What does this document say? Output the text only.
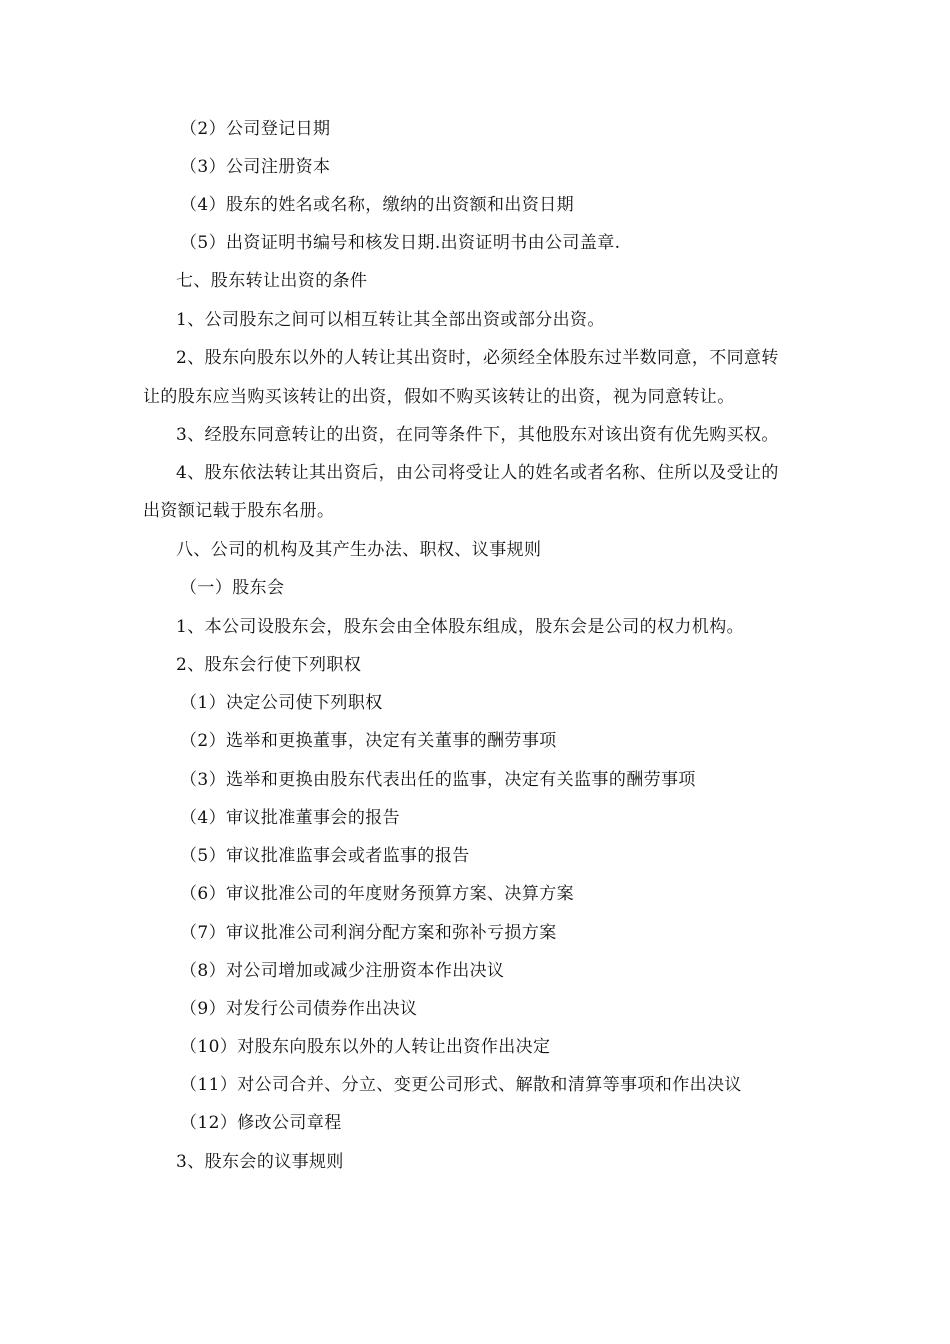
（2）公司登记日期
（3）公司注册资本
（4）股东的姓名或名称，缴纳的出资额和出资日期
（5）出资证明书编号和核发日期.出资证明书由公司盖章.
七、股东转让出资的条件
1、公司股东之间可以相互转让其全部出资或部分出资。
2、股东向股东以外的人转让其出资时，必须经全体股东过半数同意，不同意转
让的股东应当购买该转让的出资，假如不购买该转让的出资，视为同意转让。
3、经股东同意转让的出资，在同等条件下，其他股东对该出资有优先购买权。
4、股东依法转让其出资后，由公司将受让人的姓名或者名称、住所以及受让的
出资额记载于股东名册。
八、公司的机构及其产生办法、职权、议事规则
（一）股东会
1、本公司设股东会，股东会由全体股东组成，股东会是公司的权力机构。
2、股东会行使下列职权
（1）决定公司使下列职权
（2）选举和更换董事，决定有关董事的酬劳事项
（3）选举和更换由股东代表出任的监事，决定有关监事的酬劳事项
（4）审议批准董事会的报告
（5）审议批准监事会或者监事的报告
（6）审议批准公司的年度财务预算方案、决算方案
（7）审议批准公司利润分配方案和弥补亏损方案
（8）对公司增加或减少注册资本作出决议
（9）对发行公司债券作出决议
（10）对股东向股东以外的人转让出资作出决定
（11）对公司合并、分立、变更公司形式、解散和清算等事项和作出决议
（12）修改公司章程
3、股东会的议事规则
